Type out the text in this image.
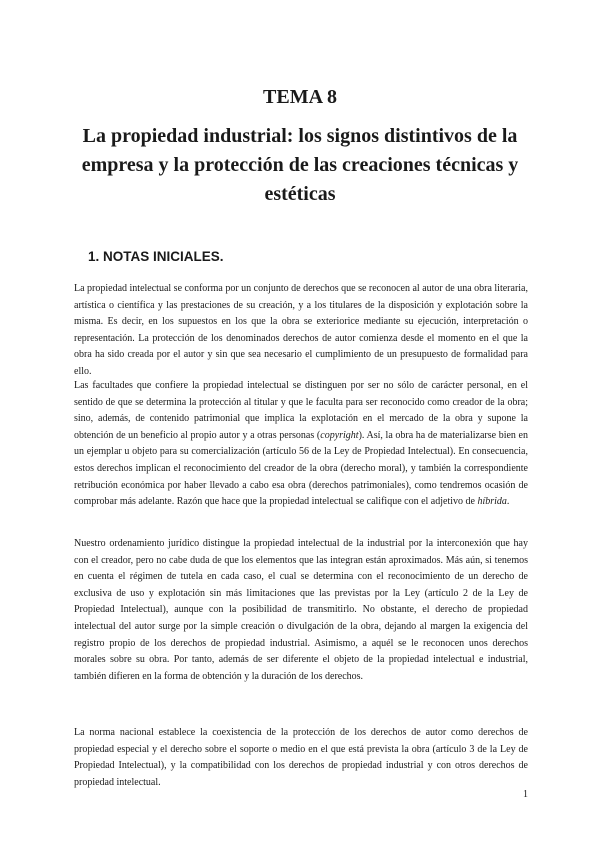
TEMA 8
La propiedad industrial: los signos distintivos de la empresa y la protección de las creaciones técnicas y estéticas
1. NOTAS INICIALES.

La propiedad intelectual se conforma por un conjunto de derechos que se reconocen al autor de una obra literaria, artística o científica y las prestaciones de su creación, y a los titulares de la disposición y explotación sobre la misma. Es decir, en los supuestos en los que la obra se exteriorice mediante su ejecución, interpretación o representación. La protección de los denominados derechos de autor comienza desde el momento en el que la obra ha sido creada por el autor y sin que sea necesario el cumplimiento de un presupuesto de formalidad para ello.

Las facultades que confiere la propiedad intelectual se distinguen por ser no sólo de carácter personal, en el sentido de que se determina la protección al titular y que le faculta para ser reconocido como creador de la obra; sino, además, de contenido patrimonial que implica la explotación en el mercado de la obra y supone la obtención de un beneficio al propio autor y a otras personas (copyright). Así, la obra ha de materializarse bien en un ejemplar u objeto para su comercialización (artículo 56 de la Ley de Propiedad Intelectual). En consecuencia, estos derechos implican el reconocimiento del creador de la obra (derecho moral), y también la correspondiente retribución económica por haber llevado a cabo esa obra (derechos patrimoniales), como tendremos ocasión de comprobar más adelante. Razón que hace que la propiedad intelectual se califique con el adjetivo de híbrida.

Nuestro ordenamiento jurídico distingue la propiedad intelectual de la industrial por la interconexión que hay con el creador, pero no cabe duda de que los elementos que las integran están aproximados. Más aún, si tenemos en cuenta el régimen de tutela en cada caso, el cual se determina con el reconocimiento de un derecho de exclusiva de uso y explotación sin más limitaciones que las previstas por la Ley (artículo 2 de la Ley de Propiedad Intelectual), aunque con la posibilidad de transmitirlo. No obstante, el derecho de propiedad intelectual del autor surge por la simple creación o divulgación de la obra, dejando al margen la exigencia del registro propio de los derechos de propiedad industrial. Asimismo, a aquél se le reconocen unos derechos morales sobre su obra. Por tanto, además de ser diferente el objeto de la propiedad intelectual e industrial, también difieren en la forma de obtención y la duración de los derechos.

La norma nacional establece la coexistencia de la protección de los derechos de autor como derechos de propiedad especial y el derecho sobre el soporte o medio en el que está prevista la obra (artículo 3 de la Ley de Propiedad Intelectual), y la compatibilidad con los derechos de propiedad industrial y con otros derechos de propiedad intelectual.

1
